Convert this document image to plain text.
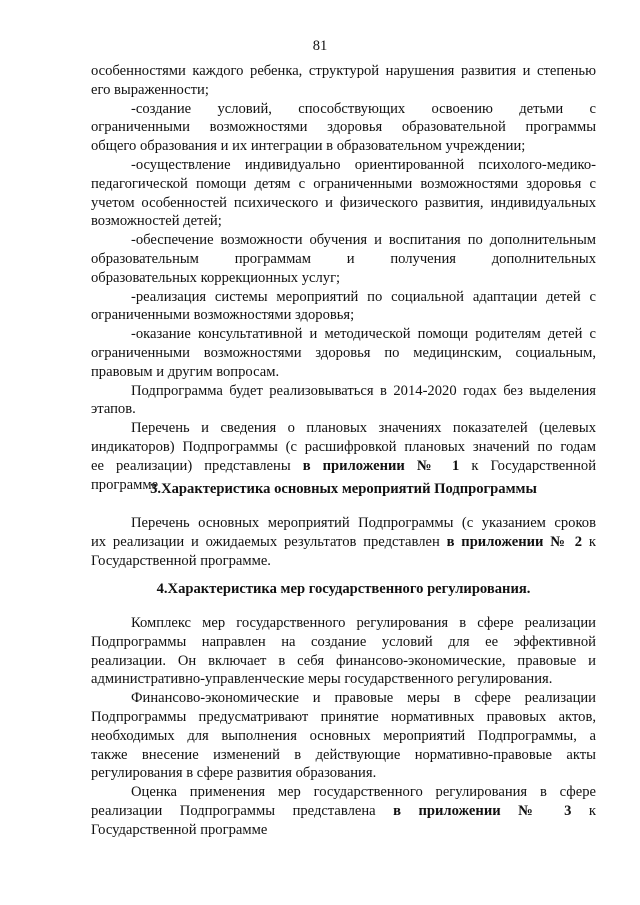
81
особенностями каждого ребенка, структурой нарушения развития и степенью
его выраженности;
-создание условий, способствующих освоению детьми с
ограниченными возможностями здоровья образовательной программы
общего образования и их интеграции в образовательном учреждении;
-осуществление индивидуально ориентированной психолого-медико-
педагогической помощи детям с ограниченными возможностями здоровья с
учетом особенностей психического и физического развития, индивидуальных
возможностей детей;
-обеспечение возможности обучения и воспитания по дополнительным
образовательным программам и получения дополнительных
образовательных коррекционных услуг;
-реализация системы мероприятий по социальной адаптации детей с
ограниченными возможностями здоровья;
-оказание консультативной и методической помощи родителям детей с
ограниченными возможностями здоровья по медицинским, социальным,
правовым и другим вопросам.
Подпрограмма будет реализовываться в 2014-2020 годах без выделения
этапов.
Перечень и сведения о плановых значениях показателей (целевых
индикаторов) Подпрограммы (с расшифровкой плановых значений по годам
ее реализации) представлены в приложении № 1 к Государственной
программе
3.Характеристика основных мероприятий Подпрограммы
Перечень основных мероприятий Подпрограммы (с указанием сроков
их реализации и ожидаемых результатов представлен в приложении № 2 к
Государственной программе.
4.Характеристика мер государственного регулирования.
Комплекс мер государственного регулирования в сфере реализации
Подпрограммы направлен на создание условий для ее эффективной
реализации. Он включает в себя финансово-экономические, правовые и
административно-управленческие меры государственного регулирования.
Финансово-экономические и правовые меры в сфере реализации
Подпрограммы предусматривают принятие нормативных правовых актов,
необходимых для выполнения основных мероприятий Подпрограммы, а
также внесение изменений в действующие нормативно-правовые акты
регулирования в сфере развития образования.
Оценка применения мер государственного регулирования в сфере
реализации Подпрограммы представлена в приложении № 3 к
Государственной программе
